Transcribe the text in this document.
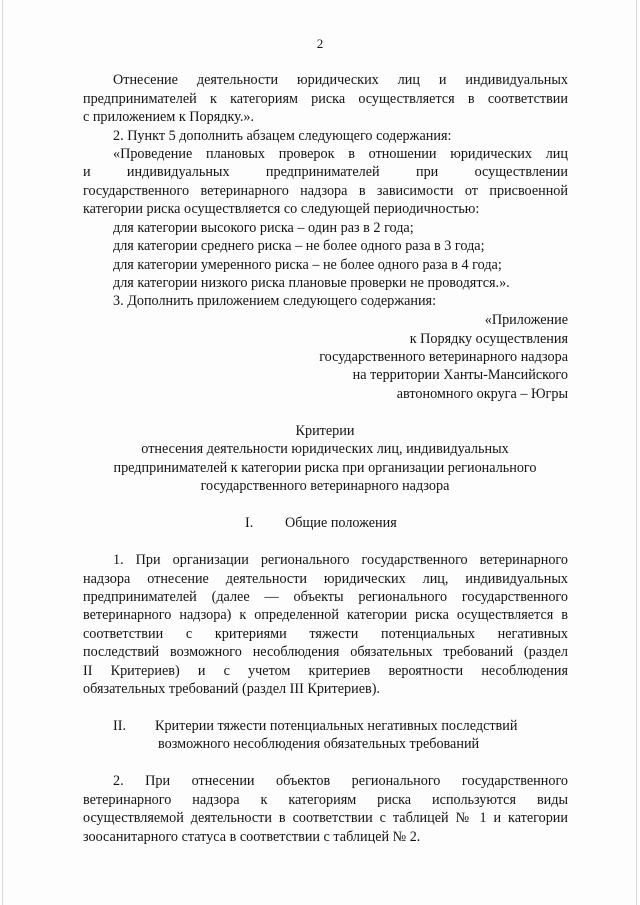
2

Отнесение деятельности юридических лиц и индивидуальных

предпринимателей к категориям риска осуществляется в соответствии

с приложением к Порядку.».

2. Пункт 5 дополнить абзацем следующего содержания:

«Проведение плановых проверок в отношении юридических лиц

и индивидуальных предпринимателей при осуществлении

государственного ветеринарного надзора в зависимости от присвоенной

категории риска осуществляется со следующей периодичностью:

для категории высокого риска – один раз в 2 года;

для категории среднего риска – не более одного раза в 3 года;

для категории умеренного риска – не более одного раза в 4 года;

для категории низкого риска плановые проверки не проводятся.».

3. Дополнить приложением следующего содержания:

«Приложение

к Порядку осуществления

государственного ветеринарного надзора

на территории Ханты-Мансийского

автономного округа – Югры

Критерии

отнесения деятельности юридических лиц, индивидуальных

предпринимателей к категории риска при организации регионального

государственного ветеринарного надзора

I. Общие положения

1. При организации регионального государственного ветеринарного

надзора отнесение деятельности юридических лиц, индивидуальных

предпринимателей (далее — объекты регионального государственного

ветеринарного надзора) к определенной категории риска осуществляется в

соответствии с критериями тяжести потенциальных негативных

последствий возможного несоблюдения обязательных требований (раздел

II Критериев) и с учетом критериев вероятности несоблюдения

обязательных требований (раздел III Критериев).

II. Критерии тяжести потенциальных негативных последствий

возможного несоблюдения обязательных требований

2. При отнесении объектов регионального государственного

ветеринарного надзора к категориям риска используются виды

осуществляемой деятельности в соответствии с таблицей № 1 и категории

зоосанитарного статуса в соответствии с таблицей № 2.
